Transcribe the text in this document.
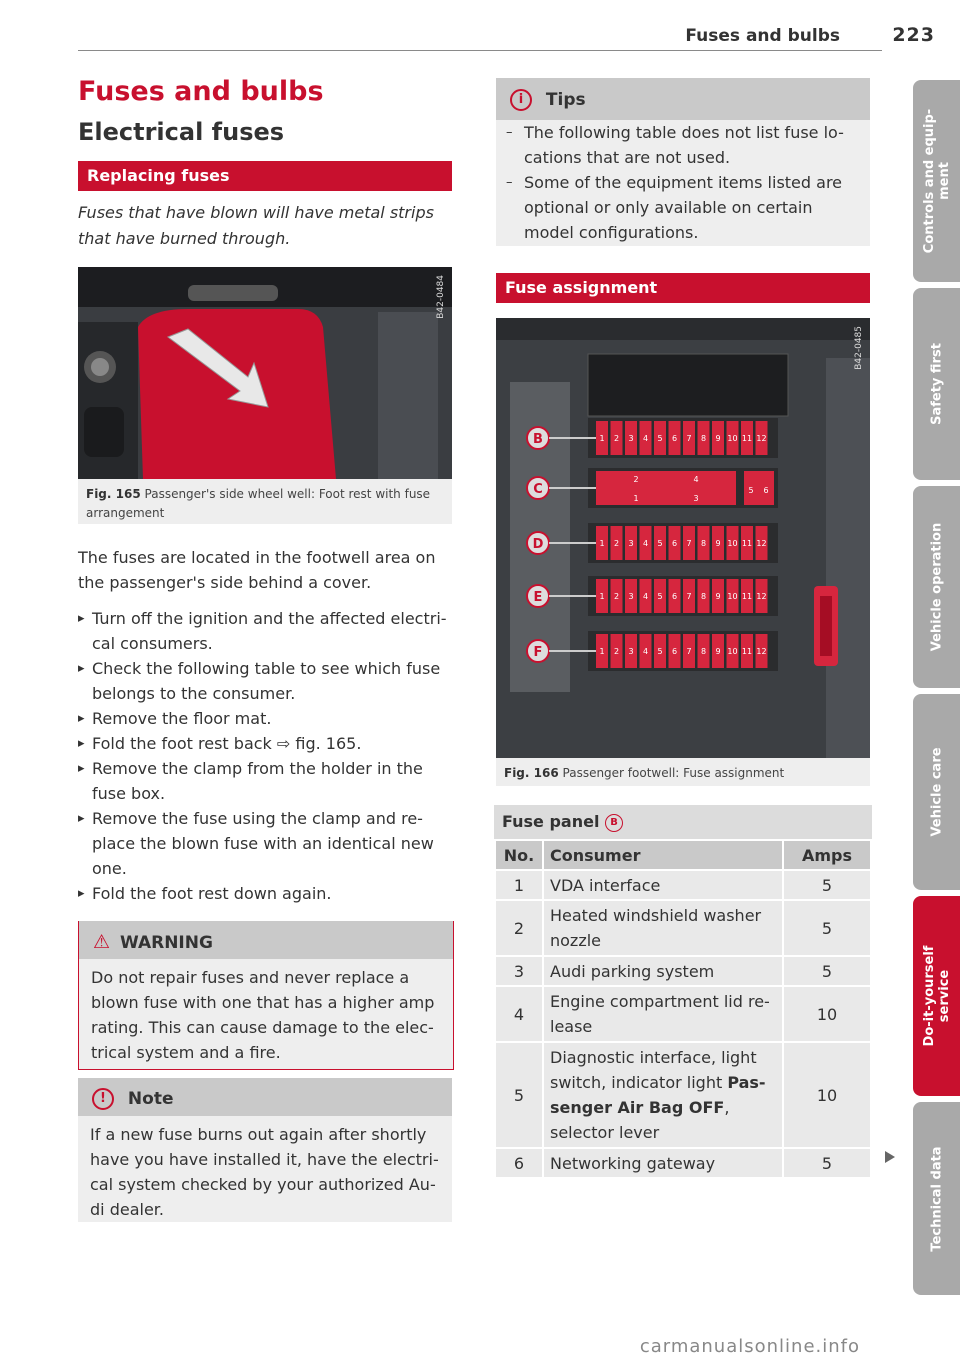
Fuses and bulbs	223
Fuses and bulbs
Electrical fuses
Replacing fuses
Fuses that have blown will have metal strips that have burned through.
B42-0484
Fig. 165 Passenger's side wheel well: Foot rest with fuse arrangement
The fuses are located in the footwell area on the passenger's side behind a cover.
▸ Turn off the ignition and the affected electri-cal consumers.
▸ Check the following table to see which fuse belongs to the consumer.
▸ Remove the floor mat.
▸ Fold the foot rest back ⇨ fig. 165.
▸ Remove the clamp from the holder in the fuse box.
▸ Remove the fuse using the clamp and re-place the blown fuse with an identical new one.
▸ Fold the foot rest down again.
⚠ WARNING
Do not repair fuses and never replace a blown fuse with one that has a higher amp rating. This can cause damage to the elec-trical system and a fire.
! Note
If a new fuse burns out again after shortly have you have installed it, have the electri-cal system checked by your authorized Au-di dealer.
i Tips
– The following table does not list fuse lo-cations that are not used.
– Some of the equipment items listed are optional or only available on certain model configurations.
Fuse assignment
B	1 2 3 4 5 6 7 8 9 10 11 12
C
2	4
1	3
5 6
D	1 2 3 4 5 6 7 8 9 10 11 12
E	1 2 3 4 5 6 7 8 9 10 11 12
F	1 2 3 4 5 6 7 8 9 10 11 12
B42-0485
Fig. 166 Passenger footwell: Fuse assignment
Fuse panel B
No.	Consumer	Amps
1	VDA interface	5
2	Heated windshield washer nozzle	5
3	Audi parking system	5
4	Engine compartment lid re-lease	10
5	Diagnostic interface, light switch, indicator light Pas-senger Air Bag OFF, selector lever	10
6	Networking gateway	5
Controls and equip-ment
Safety first
Vehicle operation
Vehicle care
Do-it-yourself service
Technical data
carmanualsonline.info
